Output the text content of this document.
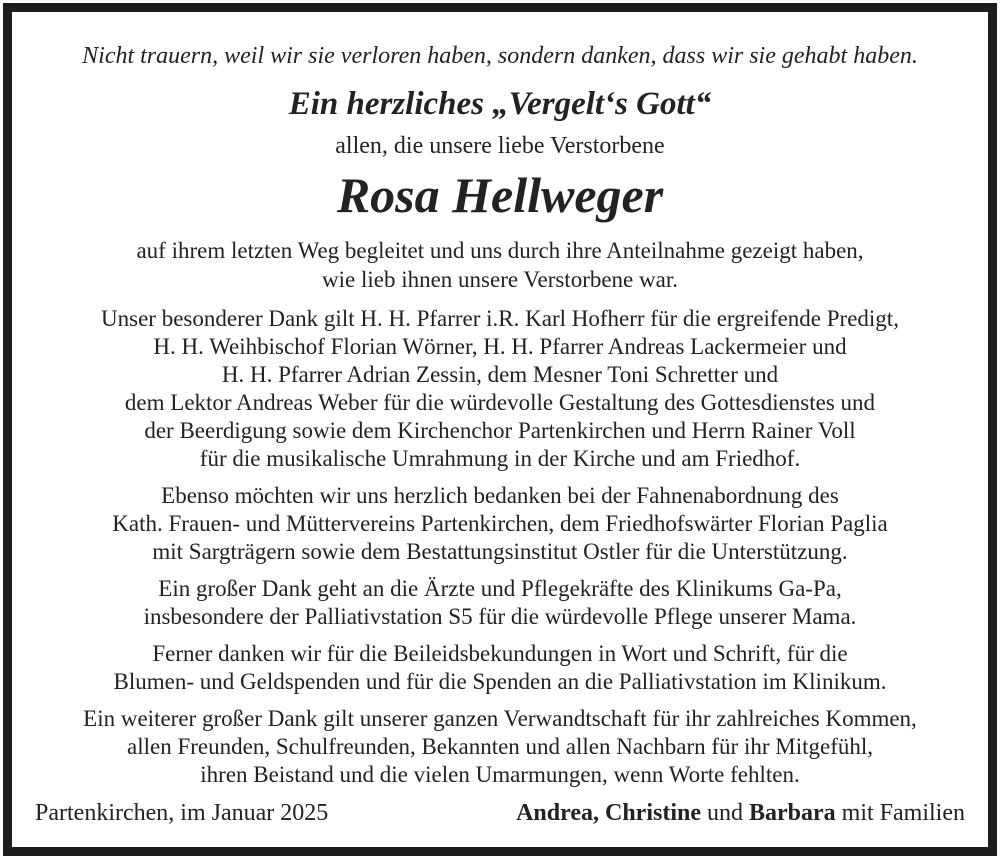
Nicht trauern, weil wir sie verloren haben, sondern danken, dass wir sie gehabt haben.
Ein herzliches „Vergelt‘s Gott“
allen, die unsere liebe Verstorbene
Rosa Hellweger
auf ihrem letzten Weg begleitet und uns durch ihre Anteilnahme gezeigt haben,
wie lieb ihnen unsere Verstorbene war.
Unser besonderer Dank gilt H. H. Pfarrer i.R. Karl Hofherr für die ergreifende Predigt,
H. H. Weihbischof Florian Wörner, H. H. Pfarrer Andreas Lackermeier und
H. H. Pfarrer Adrian Zessin, dem Mesner Toni Schretter und
dem Lektor Andreas Weber für die würdevolle Gestaltung des Gottesdienstes und
der Beerdigung sowie dem Kirchenchor Partenkirchen und Herrn Rainer Voll
für die musikalische Umrahmung in der Kirche und am Friedhof.
Ebenso möchten wir uns herzlich bedanken bei der Fahnenabordnung des
Kath. Frauen- und Müttervereins Partenkirchen, dem Friedhofswärter Florian Paglia
mit Sargträgern sowie dem Bestattungsinstitut Ostler für die Unterstützung.
Ein großer Dank geht an die Ärzte und Pflegekräfte des Klinikums Ga-Pa,
insbesondere der Palliativstation S5 für die würdevolle Pflege unserer Mama.
Ferner danken wir für die Beileidsbekundungen in Wort und Schrift, für die
Blumen- und Geldspenden und für die Spenden an die Palliativstation im Klinikum.
Ein weiterer großer Dank gilt unserer ganzen Verwandtschaft für ihr zahlreiches Kommen,
allen Freunden, Schulfreunden, Bekannten und allen Nachbarn für ihr Mitgefühl,
ihren Beistand und die vielen Umarmungen, wenn Worte fehlten.
Partenkirchen, im Januar 2025	Andrea, Christine und Barbara mit Familien
